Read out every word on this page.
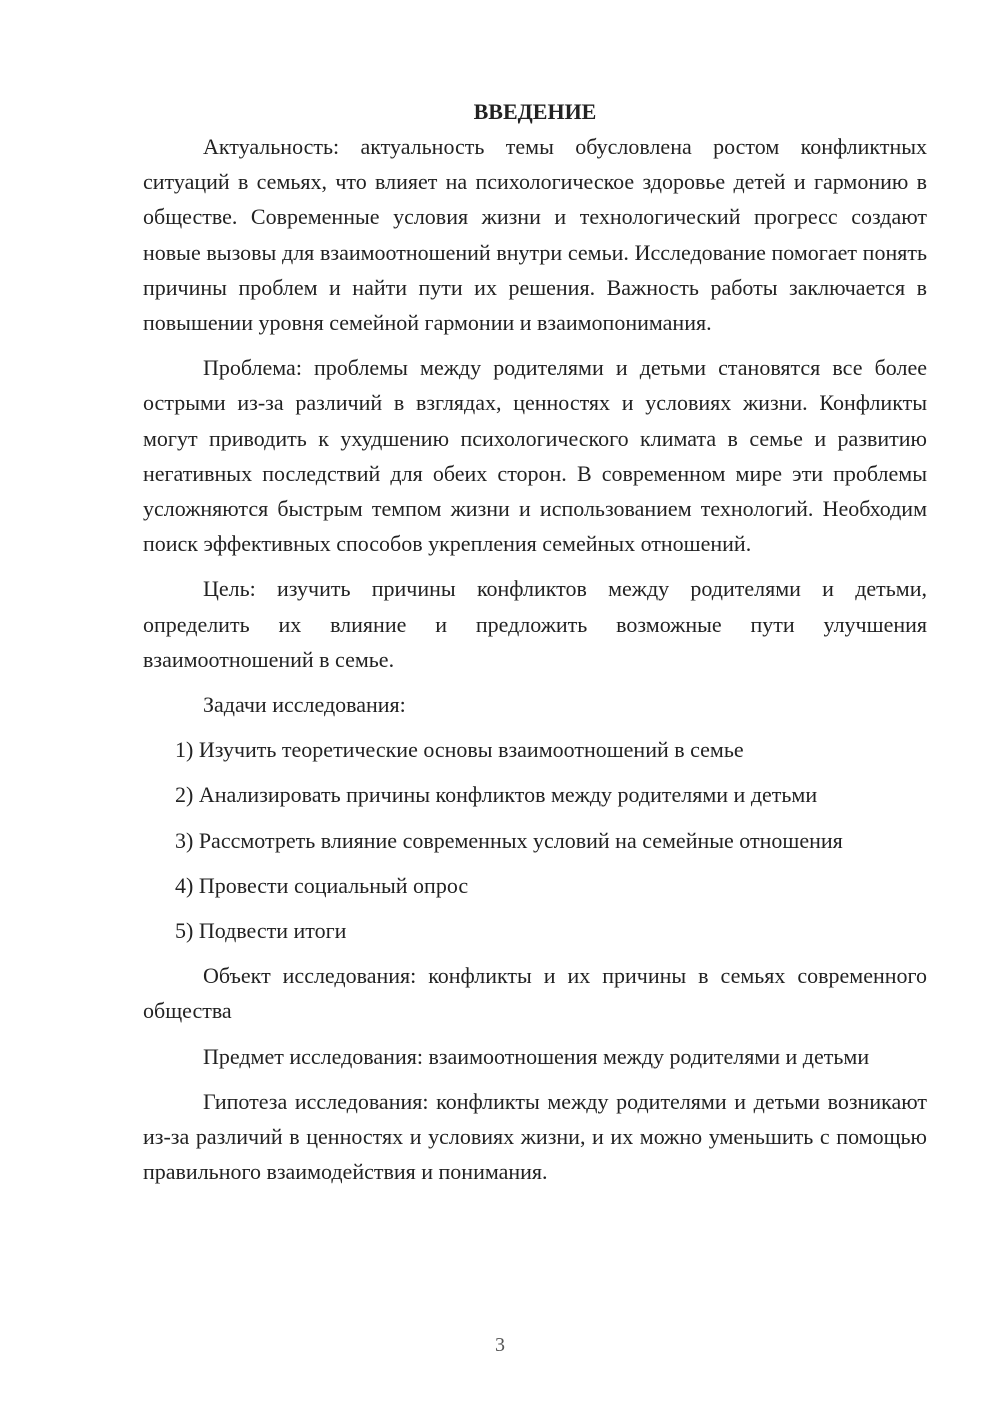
ВВЕДЕНИЕ

Актуальность: актуальность темы обусловлена ростом конфликтных ситуаций в семьях, что влияет на психологическое здоровье детей и гармонию в обществе. Современные условия жизни и технологический прогресс создают новые вызовы для взаимоотношений внутри семьи. Исследование помогает понять причины проблем и найти пути их решения. Важность работы заключается в повышении уровня семейной гармонии и взаимопонимания.

Проблема: проблемы между родителями и детьми становятся все более острыми из-за различий в взглядах, ценностях и условиях жизни. Конфликты могут приводить к ухудшению психологического климата в семье и развитию негативных последствий для обеих сторон. В современном мире эти проблемы усложняются быстрым темпом жизни и использованием технологий. Необходим поиск эффективных способов укрепления семейных отношений.

Цель: изучить причины конфликтов между родителями и детьми, определить их влияние и предложить возможные пути улучшения взаимоотношений в семье.

Задачи исследования:

1) Изучить теоретические основы взаимоотношений в семье
2) Анализировать причины конфликтов между родителями и детьми
3) Рассмотреть влияние современных условий на семейные отношения
4) Провести социальный опрос
5) Подвести итоги

Объект исследования: конфликты и их причины в семьях современного общества

Предмет исследования: взаимоотношения между родителями и детьми

Гипотеза исследования: конфликты между родителями и детьми возникают из-за различий в ценностях и условиях жизни, и их можно уменьшить с помощью правильного взаимодействия и понимания.

3
